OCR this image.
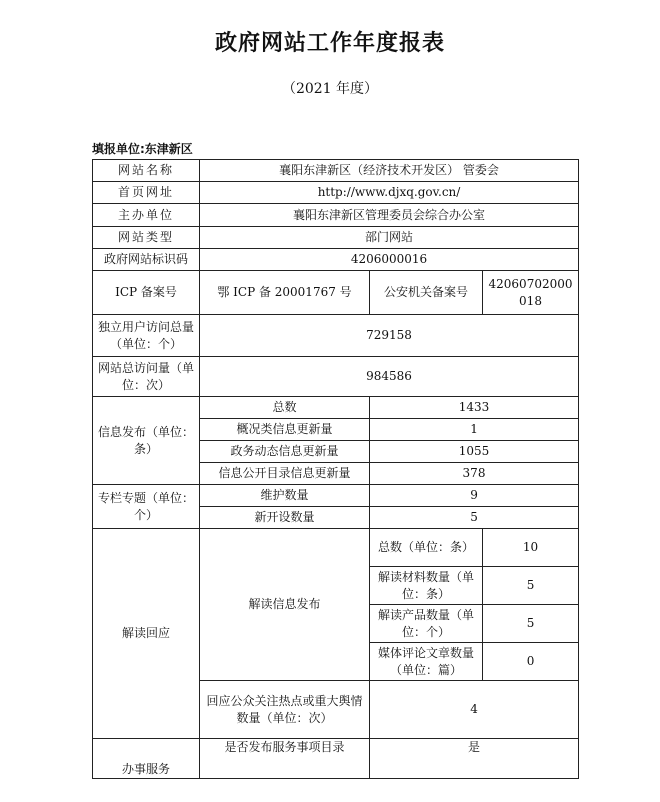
政府网站工作年度报表
（2021 年度）
填报单位:东津新区
网站名称	襄阳东津新区（经济技术开发区） 管委会		
首页网址	http://www.djxq.gov.cn/		
主办单位	襄阳东津新区管理委员会综合办公室		
网站类型	部门网站		
政府网站标识码	4206000016		
ICP 备案号	鄂 ICP 备 20001767 号	公安机关备案号	42060702000018
独立用户访问总量（单位：个）	729158		
网站总访问量（单位：次）	984586		
信息发布（单位：条）	总数	1433	
	概况类信息更新量	1	
	政务动态信息更新量	1055	
	信息公开目录信息更新量	378	
专栏专题（单位：个）	维护数量	9	
	新开设数量	5	
解读回应	解读信息发布	总数（单位：条）	10
		解读材料数量（单位：条）	5
		解读产品数量（单位：个）	5
		媒体评论文章数量（单位：篇）	0
	回应公众关注热点或重大舆情数量（单位：次）	4	
办事服务	是否发布服务事项目录	是	
